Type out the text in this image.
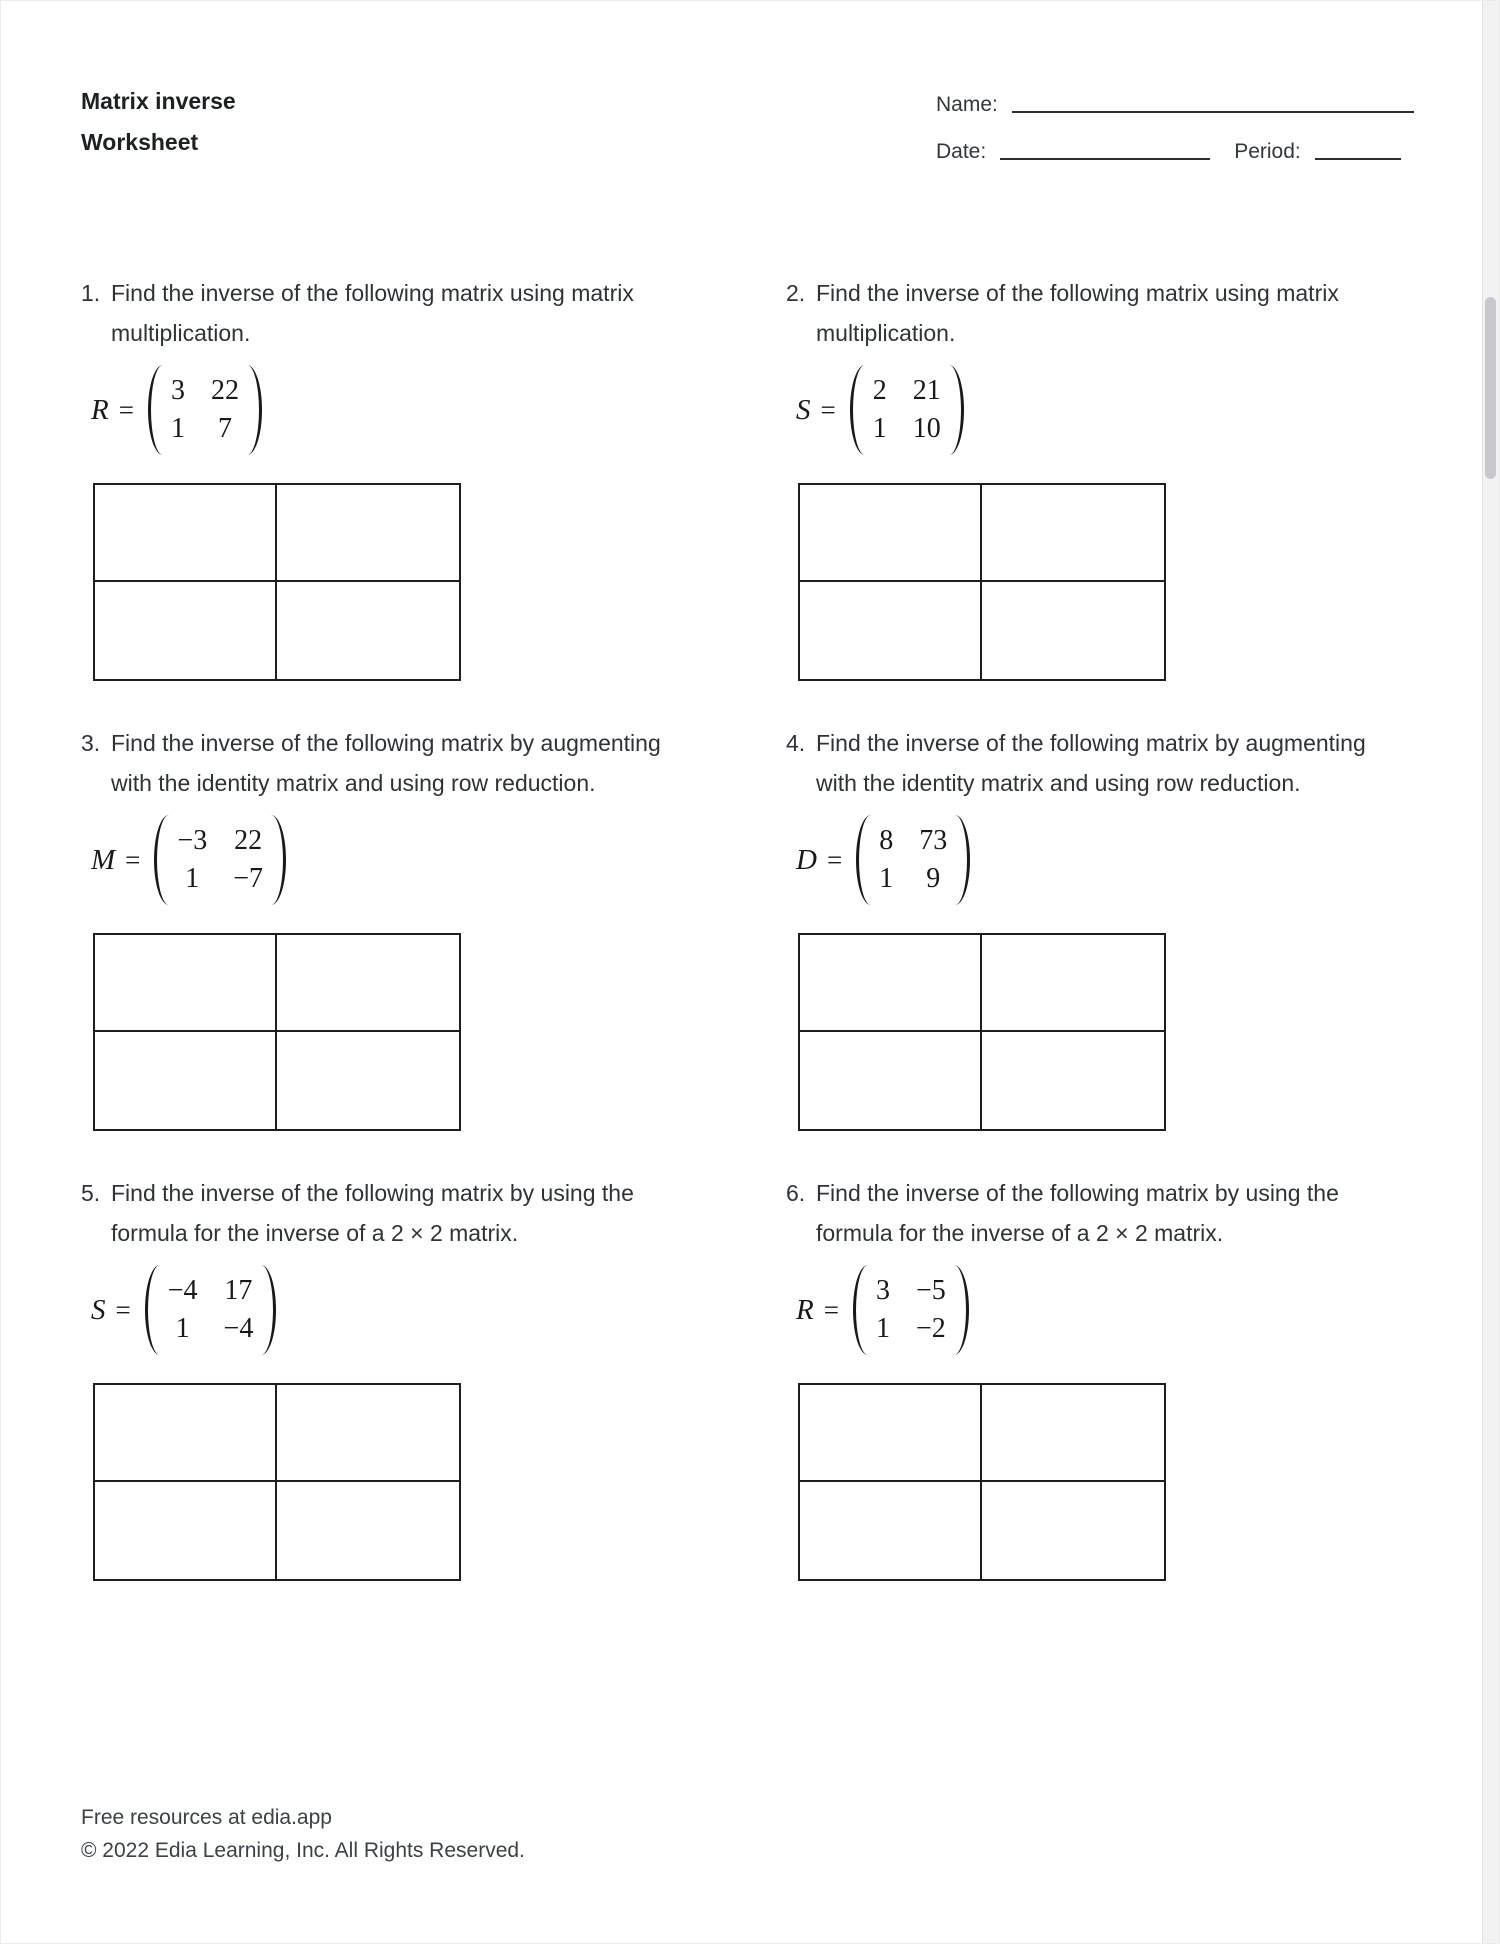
Matrix inverse
Worksheet
Name:
Date:	Period:
1. Find the inverse of the following matrix using matrix multiplication.
R =
3 22
1 7
2. Find the inverse of the following matrix using matrix multiplication.
S =
2 21
1 10
3. Find the inverse of the following matrix by augmenting with the identity matrix and using row reduction.
M =
−3 22
1 −7
4. Find the inverse of the following matrix by augmenting with the identity matrix and using row reduction.
D =
8 73
1 9
5. Find the inverse of the following matrix by using the formula for the inverse of a 2 × 2 matrix.
S =
−4 17
1 −4
6. Find the inverse of the following matrix by using the formula for the inverse of a 2 × 2 matrix.
R =
3 −5
1 −2
Free resources at edia.app
© 2022 Edia Learning, Inc. All Rights Reserved.
